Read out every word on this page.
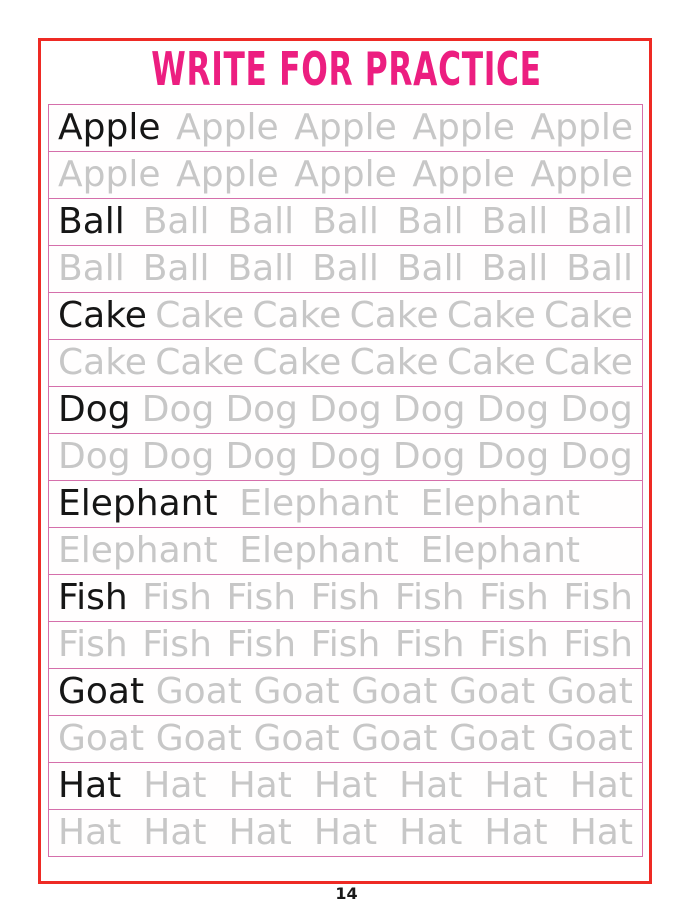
WRITE FOR PRACTICE
Apple Apple Apple Apple Apple
Apple Apple Apple Apple Apple
Ball Ball Ball Ball Ball Ball Ball
Ball Ball Ball Ball Ball Ball Ball
Cake Cake Cake Cake Cake Cake
Cake Cake Cake Cake Cake Cake
Dog Dog Dog Dog Dog Dog Dog
Dog Dog Dog Dog Dog Dog Dog
Elephant Elephant Elephant
Elephant Elephant Elephant
Fish Fish Fish Fish Fish Fish Fish
Fish Fish Fish Fish Fish Fish Fish
Goat Goat Goat Goat Goat Goat
Goat Goat Goat Goat Goat Goat
Hat Hat Hat Hat Hat Hat Hat
Hat Hat Hat Hat Hat Hat Hat
14
